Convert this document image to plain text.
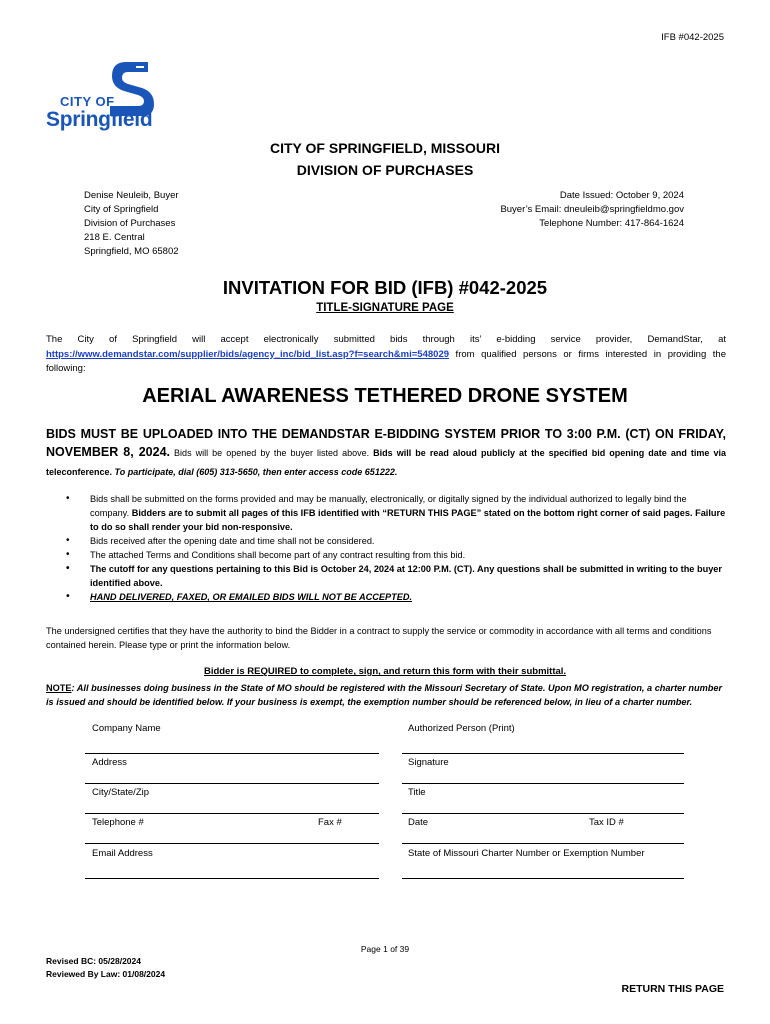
IFB #042-2025
CITY OF
Springfield
CITY OF SPRINGFIELD, MISSOURI
DIVISION OF PURCHASES
Denise Neuleib, Buyer
City of Springfield
Division of Purchases
218 E. Central
Springfield, MO 65802
Date Issued: October 9, 2024
Buyer’s Email: dneuleib@springfieldmo.gov
Telephone Number: 417-864-1624
INVITATION FOR BID (IFB) #042-2025
TITLE-SIGNATURE PAGE
The City of Springfield will accept electronically submitted bids through its’ e-bidding service provider, DemandStar, at https://www.demandstar.com/supplier/bids/agency_inc/bid_list.asp?f=search&mi=548029 from qualified persons or firms interested in providing the following:
AERIAL AWARENESS TETHERED DRONE SYSTEM
BIDS MUST BE UPLOADED INTO THE DEMANDSTAR E-BIDDING SYSTEM PRIOR TO 3:00 P.M. (CT) ON FRIDAY, NOVEMBER 8, 2024. Bids will be opened by the buyer listed above. Bids will be read aloud publicly at the specified bid opening date and time via teleconference. To participate, dial (605) 313-5650, then enter access code 651222.
• Bids shall be submitted on the forms provided and may be manually, electronically, or digitally signed by the individual authorized to legally bind the company. Bidders are to submit all pages of this IFB identified with “RETURN THIS PAGE” stated on the bottom right corner of said pages. Failure to do so shall render your bid non-responsive.
• Bids received after the opening date and time shall not be considered.
• The attached Terms and Conditions shall become part of any contract resulting from this bid.
• The cutoff for any questions pertaining to this Bid is October 24, 2024 at 12:00 P.M. (CT). Any questions shall be submitted in writing to the buyer identified above.
• HAND DELIVERED, FAXED, OR EMAILED BIDS WILL NOT BE ACCEPTED.
The undersigned certifies that they have the authority to bind the Bidder in a contract to supply the service or commodity in accordance with all terms and conditions contained herein. Please type or print the information below.
Bidder is REQUIRED to complete, sign, and return this form with their submittal.
NOTE: All businesses doing business in the State of MO should be registered with the Missouri Secretary of State. Upon MO registration, a charter number is issued and should be identified below. If your business is exempt, the exemption number should be referenced below, in lieu of a charter number.
Company Name	Authorized Person (Print)
Address	Signature
City/State/Zip	Title
Telephone #	Fax #	Date	Tax ID #
Email Address	State of Missouri Charter Number or Exemption Number
Page 1 of 39
Revised BC: 05/28/2024
Reviewed By Law: 01/08/2024
RETURN THIS PAGE
